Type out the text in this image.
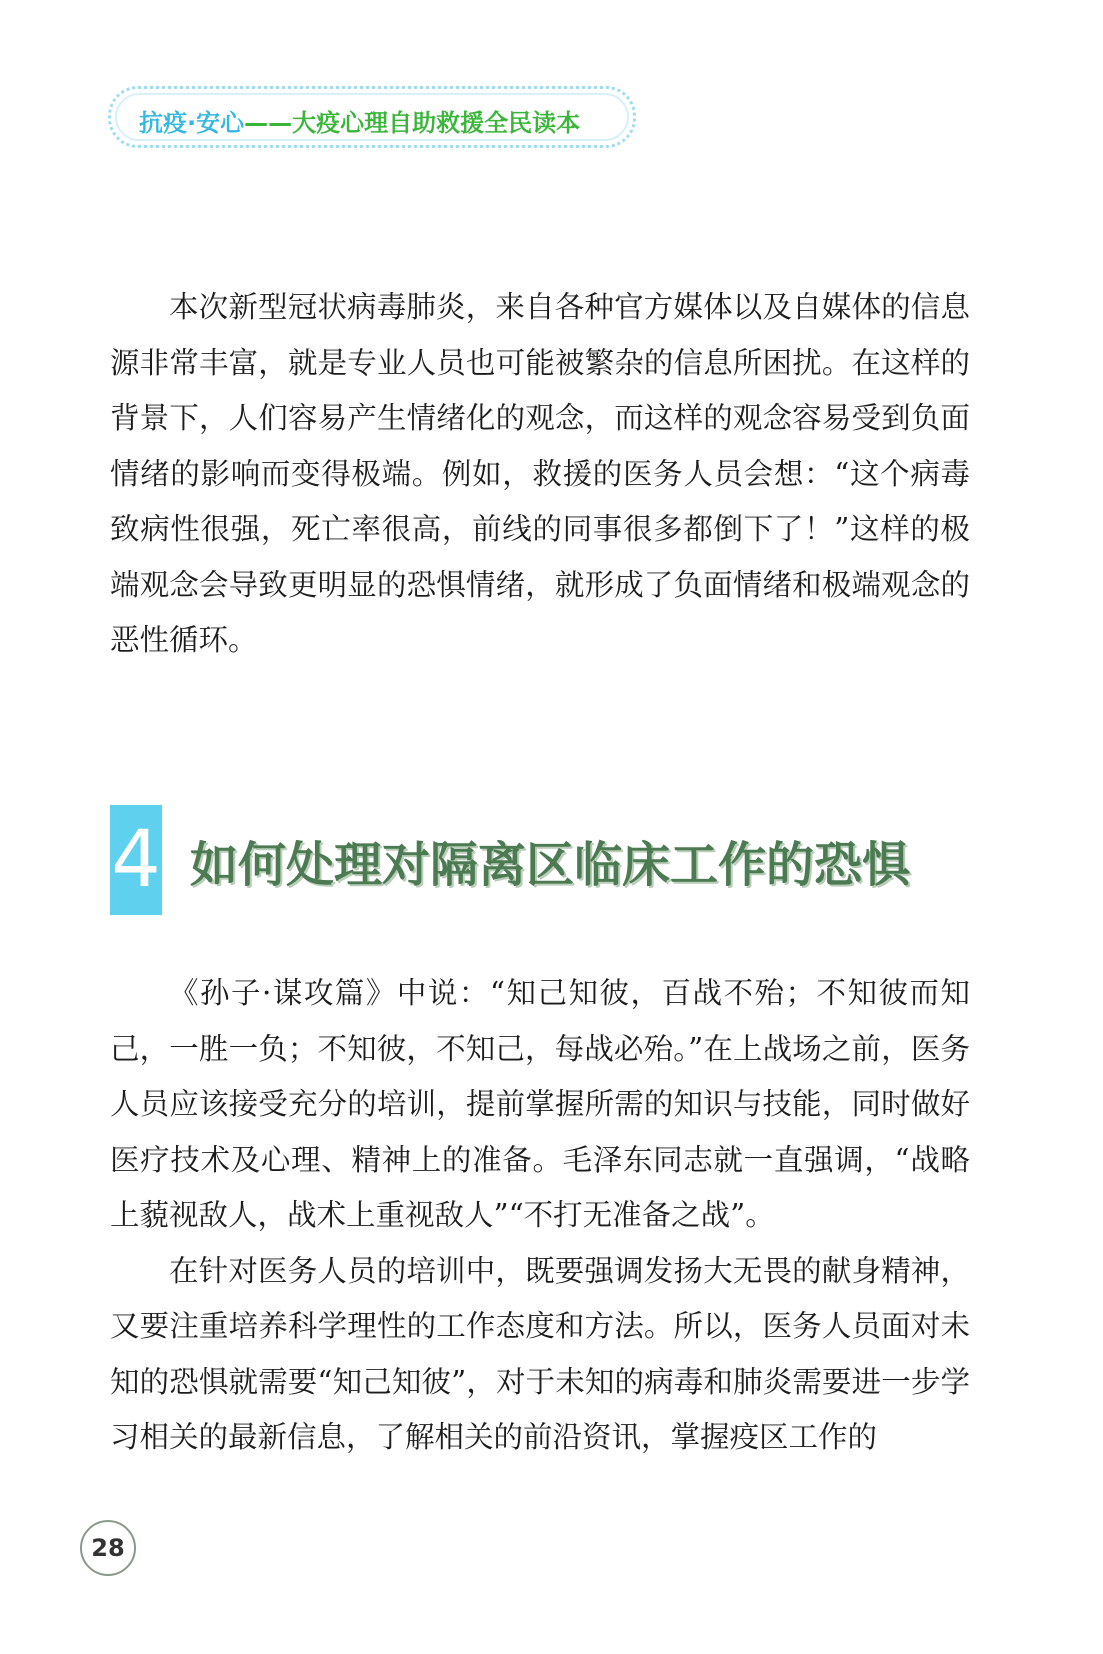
抗疫·安心——大疫心理自助救援全民读本

本次新型冠状病毒肺炎，来自各种官方媒体以及自媒体的信息源非常丰富，就是专业人员也可能被繁杂的信息所困扰。在这样的背景下，人们容易产生情绪化的观念，而这样的观念容易受到负面情绪的影响而变得极端。例如，救援的医务人员会想：“这个病毒致病性很强，死亡率很高，前线的同事很多都倒下了！”这样的极端观念会导致更明显的恐惧情绪，就形成了负面情绪和极端观念的恶性循环。

4 如何处理对隔离区临床工作的恐惧

《孙子·谋攻篇》中说：“知己知彼，百战不殆；不知彼而知己，一胜一负；不知彼，不知己，每战必殆。”在上战场之前，医务人员应该接受充分的培训，提前掌握所需的知识与技能，同时做好医疗技术及心理、精神上的准备。毛泽东同志就一直强调，“战略上藐视敌人，战术上重视敌人”“不打无准备之战”。

在针对医务人员的培训中，既要强调发扬大无畏的献身精神，又要注重培养科学理性的工作态度和方法。所以，医务人员面对未知的恐惧就需要“知己知彼”，对于未知的病毒和肺炎需要进一步学习相关的最新信息，了解相关的前沿资讯，掌握疫区工作的

28
